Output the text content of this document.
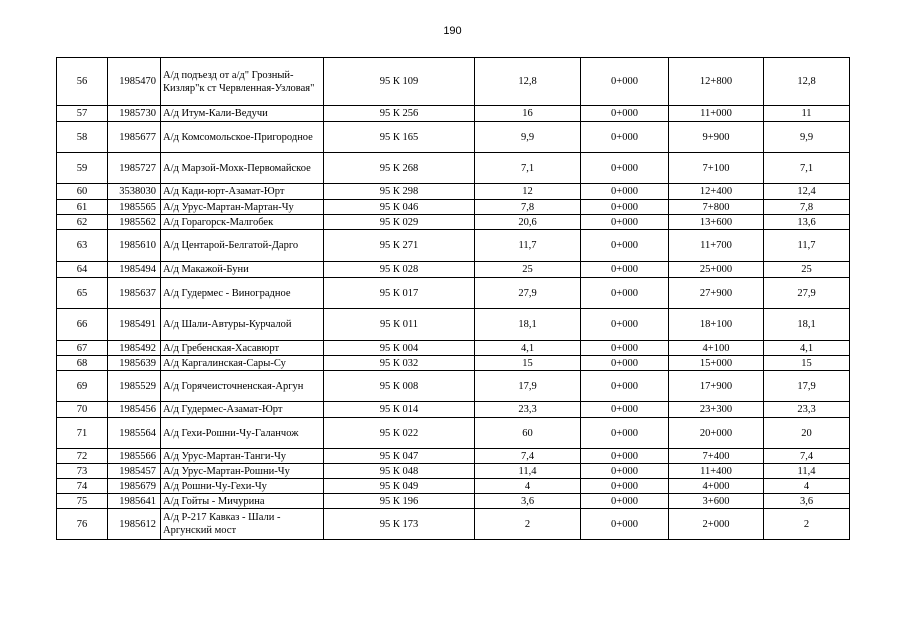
190
56	1985470	А/д подъезд от а/д" Грозный-Кизляр"к ст Червленная-Узловая"	95 К 109	12,8	0+000	12+800	12,8
57	1985730	А/д Итум-Кали-Ведучи	95 К 256	16	0+000	11+000	11
58	1985677	А/д Комсомольское-Пригородное	95 К 165	9,9	0+000	9+900	9,9
59	1985727	А/д Марзой-Мохк-Первомайское	95 К 268	7,1	0+000	7+100	7,1
60	3538030	А/д Кади-юрт-Азамат-Юрт	95 К 298	12	0+000	12+400	12,4
61	1985565	А/д Урус-Мартан-Мартан-Чу	95 К 046	7,8	0+000	7+800	7,8
62	1985562	А/д Горагорск-Малгобек	95 К 029	20,6	0+000	13+600	13,6
63	1985610	А/д Центарой-Белгатой-Дарго	95 К 271	11,7	0+000	11+700	11,7
64	1985494	А/д Макажой-Буни	95 К 028	25	0+000	25+000	25
65	1985637	А/д Гудермес - Виноградное	95 К 017	27,9	0+000	27+900	27,9
66	1985491	А/д Шали-Автуры-Курчалой	95 К 011	18,1	0+000	18+100	18,1
67	1985492	А/д Гребенская-Хасавюрт	95 К 004	4,1	0+000	4+100	4,1
68	1985639	А/д Каргалинская-Сары-Су	95 К 032	15	0+000	15+000	15
69	1985529	А/д Горячеисточненская-Аргун	95 К 008	17,9	0+000	17+900	17,9
70	1985456	А/д Гудермес-Азамат-Юрт	95 К 014	23,3	0+000	23+300	23,3
71	1985564	А/д Гехи-Рошни-Чу-Галанчож	95 К 022	60	0+000	20+000	20
72	1985566	А/д Урус-Мартан-Танги-Чу	95 К 047	7,4	0+000	7+400	7,4
73	1985457	А/д Урус-Мартан-Рошни-Чу	95 К 048	11,4	0+000	11+400	11,4
74	1985679	А/д Рошни-Чу-Гехи-Чу	95 К 049	4	0+000	4+000	4
75	1985641	А/д Гойты - Мичурина	95 К 196	3,6	0+000	3+600	3,6
76	1985612	А/д Р-217 Кавказ - Шали - Аргунский мост	95 К 173	2	0+000	2+000	2
